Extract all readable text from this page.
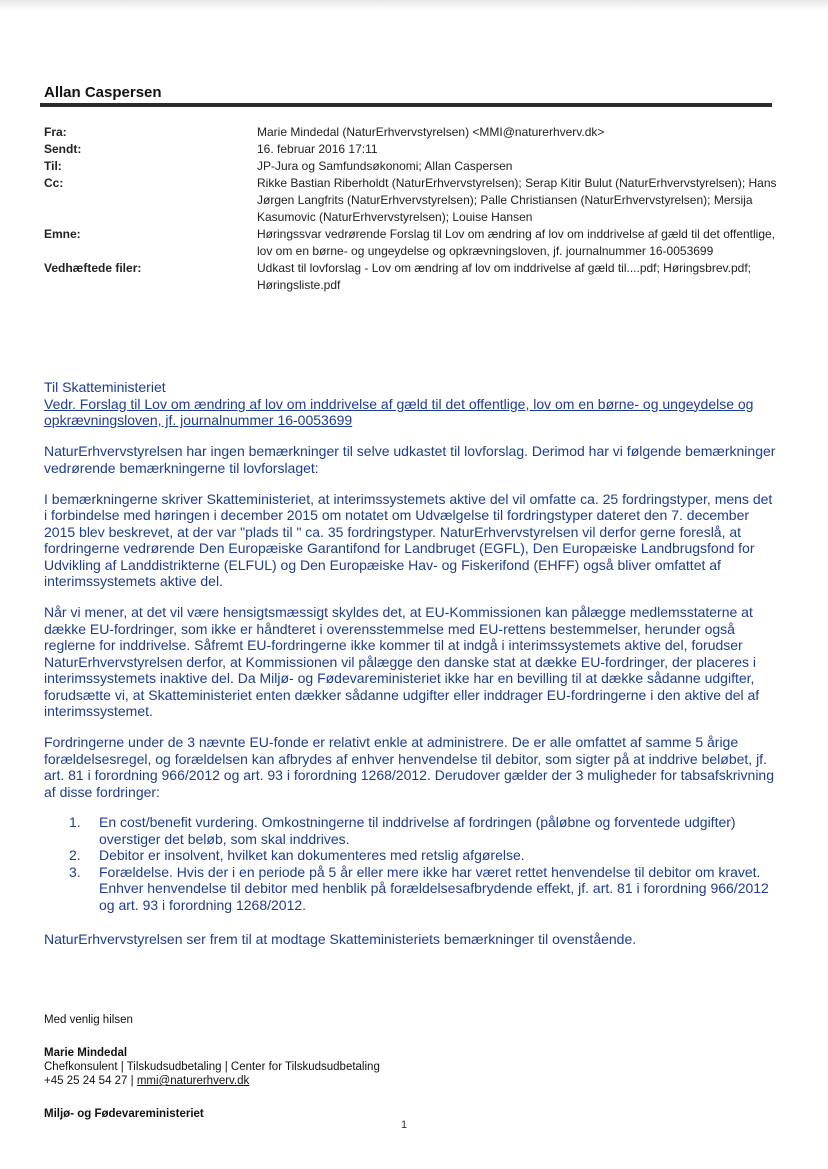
Allan Caspersen
Fra:	Marie Mindedal (NaturErhvervstyrelsen) <MMI@naturerhverv.dk>
Sendt:	16. februar 2016 17:11
Til:	JP-Jura og Samfundsøkonomi; Allan Caspersen
Cc:	Rikke Bastian Riberholdt (NaturErhvervstyrelsen); Serap Kitir Bulut (NaturErhvervstyrelsen); Hans Jørgen Langfrits (NaturErhvervstyrelsen); Palle Christiansen (NaturErhvervstyrelsen); Mersija Kasumovic (NaturErhvervstyrelsen); Louise Hansen
Emne:	Høringssvar vedrørende Forslag til Lov om ændring af lov om inddrivelse af gæld til det offentlige, lov om en børne- og ungeydelse og opkrævningsloven, jf. journalnummer 16-0053699
Vedhæftede filer:	Udkast til lovforslag - Lov om ændring af lov om inddrivelse af gæld til....pdf; Høringsbrev.pdf; Høringsliste.pdf

Til Skatteministeriet

Vedr. Forslag til Lov om ændring af lov om inddrivelse af gæld til det offentlige, lov om en børne- og ungeydelse og opkrævningsloven, jf. journalnummer 16-0053699

NaturErhvervstyrelsen har ingen bemærkninger til selve udkastet til lovforslag. Derimod har vi følgende bemærkninger vedrørende bemærkningerne til lovforslaget:

I bemærkningerne skriver Skatteministeriet, at interimssystemets aktive del vil omfatte ca. 25 fordringstyper, mens det i forbindelse med høringen i december 2015 om notatet om Udvælgelse til fordringstyper dateret den 7. december 2015 blev beskrevet, at der var "plads til " ca. 35 fordringstyper. NaturErhvervstyrelsen vil derfor gerne foreslå, at fordringerne vedrørende Den Europæiske Garantifond for Landbruget (EGFL), Den Europæiske Landbrugsfond for Udvikling af Landdistrikterne (ELFUL) og Den Europæiske Hav- og Fiskerifond (EHFF) også bliver omfattet af interimssystemets aktive del.

Når vi mener, at det vil være hensigtsmæssigt skyldes det, at EU-Kommissionen kan pålægge medlemsstaterne at dække EU-fordringer, som ikke er håndteret i overensstemmelse med EU-rettens bestemmelser, herunder også reglerne for inddrivelse. Såfremt EU-fordringerne ikke kommer til at indgå i interimssystemets aktive del, forudser NaturErhvervstyrelsen derfor, at Kommissionen vil pålægge den danske stat at dække EU-fordringer, der placeres i interimssystemets inaktive del. Da Miljø- og Fødevareministeriet ikke har en bevilling til at dække sådanne udgifter, forudsætte vi, at Skatteministeriet enten dækker sådanne udgifter eller inddrager EU-fordringerne i den aktive del af interimssystemet.

Fordringerne under de 3 nævnte EU-fonde er relativt enkle at administrere. De er alle omfattet af samme 5 årige forældelsesregel, og forældelsen kan afbrydes af enhver henvendelse til debitor, som sigter på at inddrive beløbet, jf. art. 81 i forordning 966/2012 og art. 93 i forordning 1268/2012. Derudover gælder der 3 muligheder for tabsafskrivning af disse fordringer:

1.	En cost/benefit vurdering. Omkostningerne til inddrivelse af fordringen (påløbne og forventede udgifter) overstiger det beløb, som skal inddrives.
2.	Debitor er insolvent, hvilket kan dokumenteres med retslig afgørelse.
3.	Forældelse. Hvis der i en periode på 5 år eller mere ikke har været rettet henvendelse til debitor om kravet. Enhver henvendelse til debitor med henblik på forældelsesafbrydende effekt, jf. art. 81 i forordning 966/2012 og art. 93 i forordning 1268/2012.

NaturErhvervstyrelsen ser frem til at modtage Skatteministeriets bemærkninger til ovenstående.

Med venlig hilsen
Marie Mindedal
Chefkonsulent | Tilskudsudbetaling | Center for Tilskudsudbetaling
+45 25 24 54 27 | mmi@naturerhverv.dk
Miljø- og Fødevareministeriet
1
